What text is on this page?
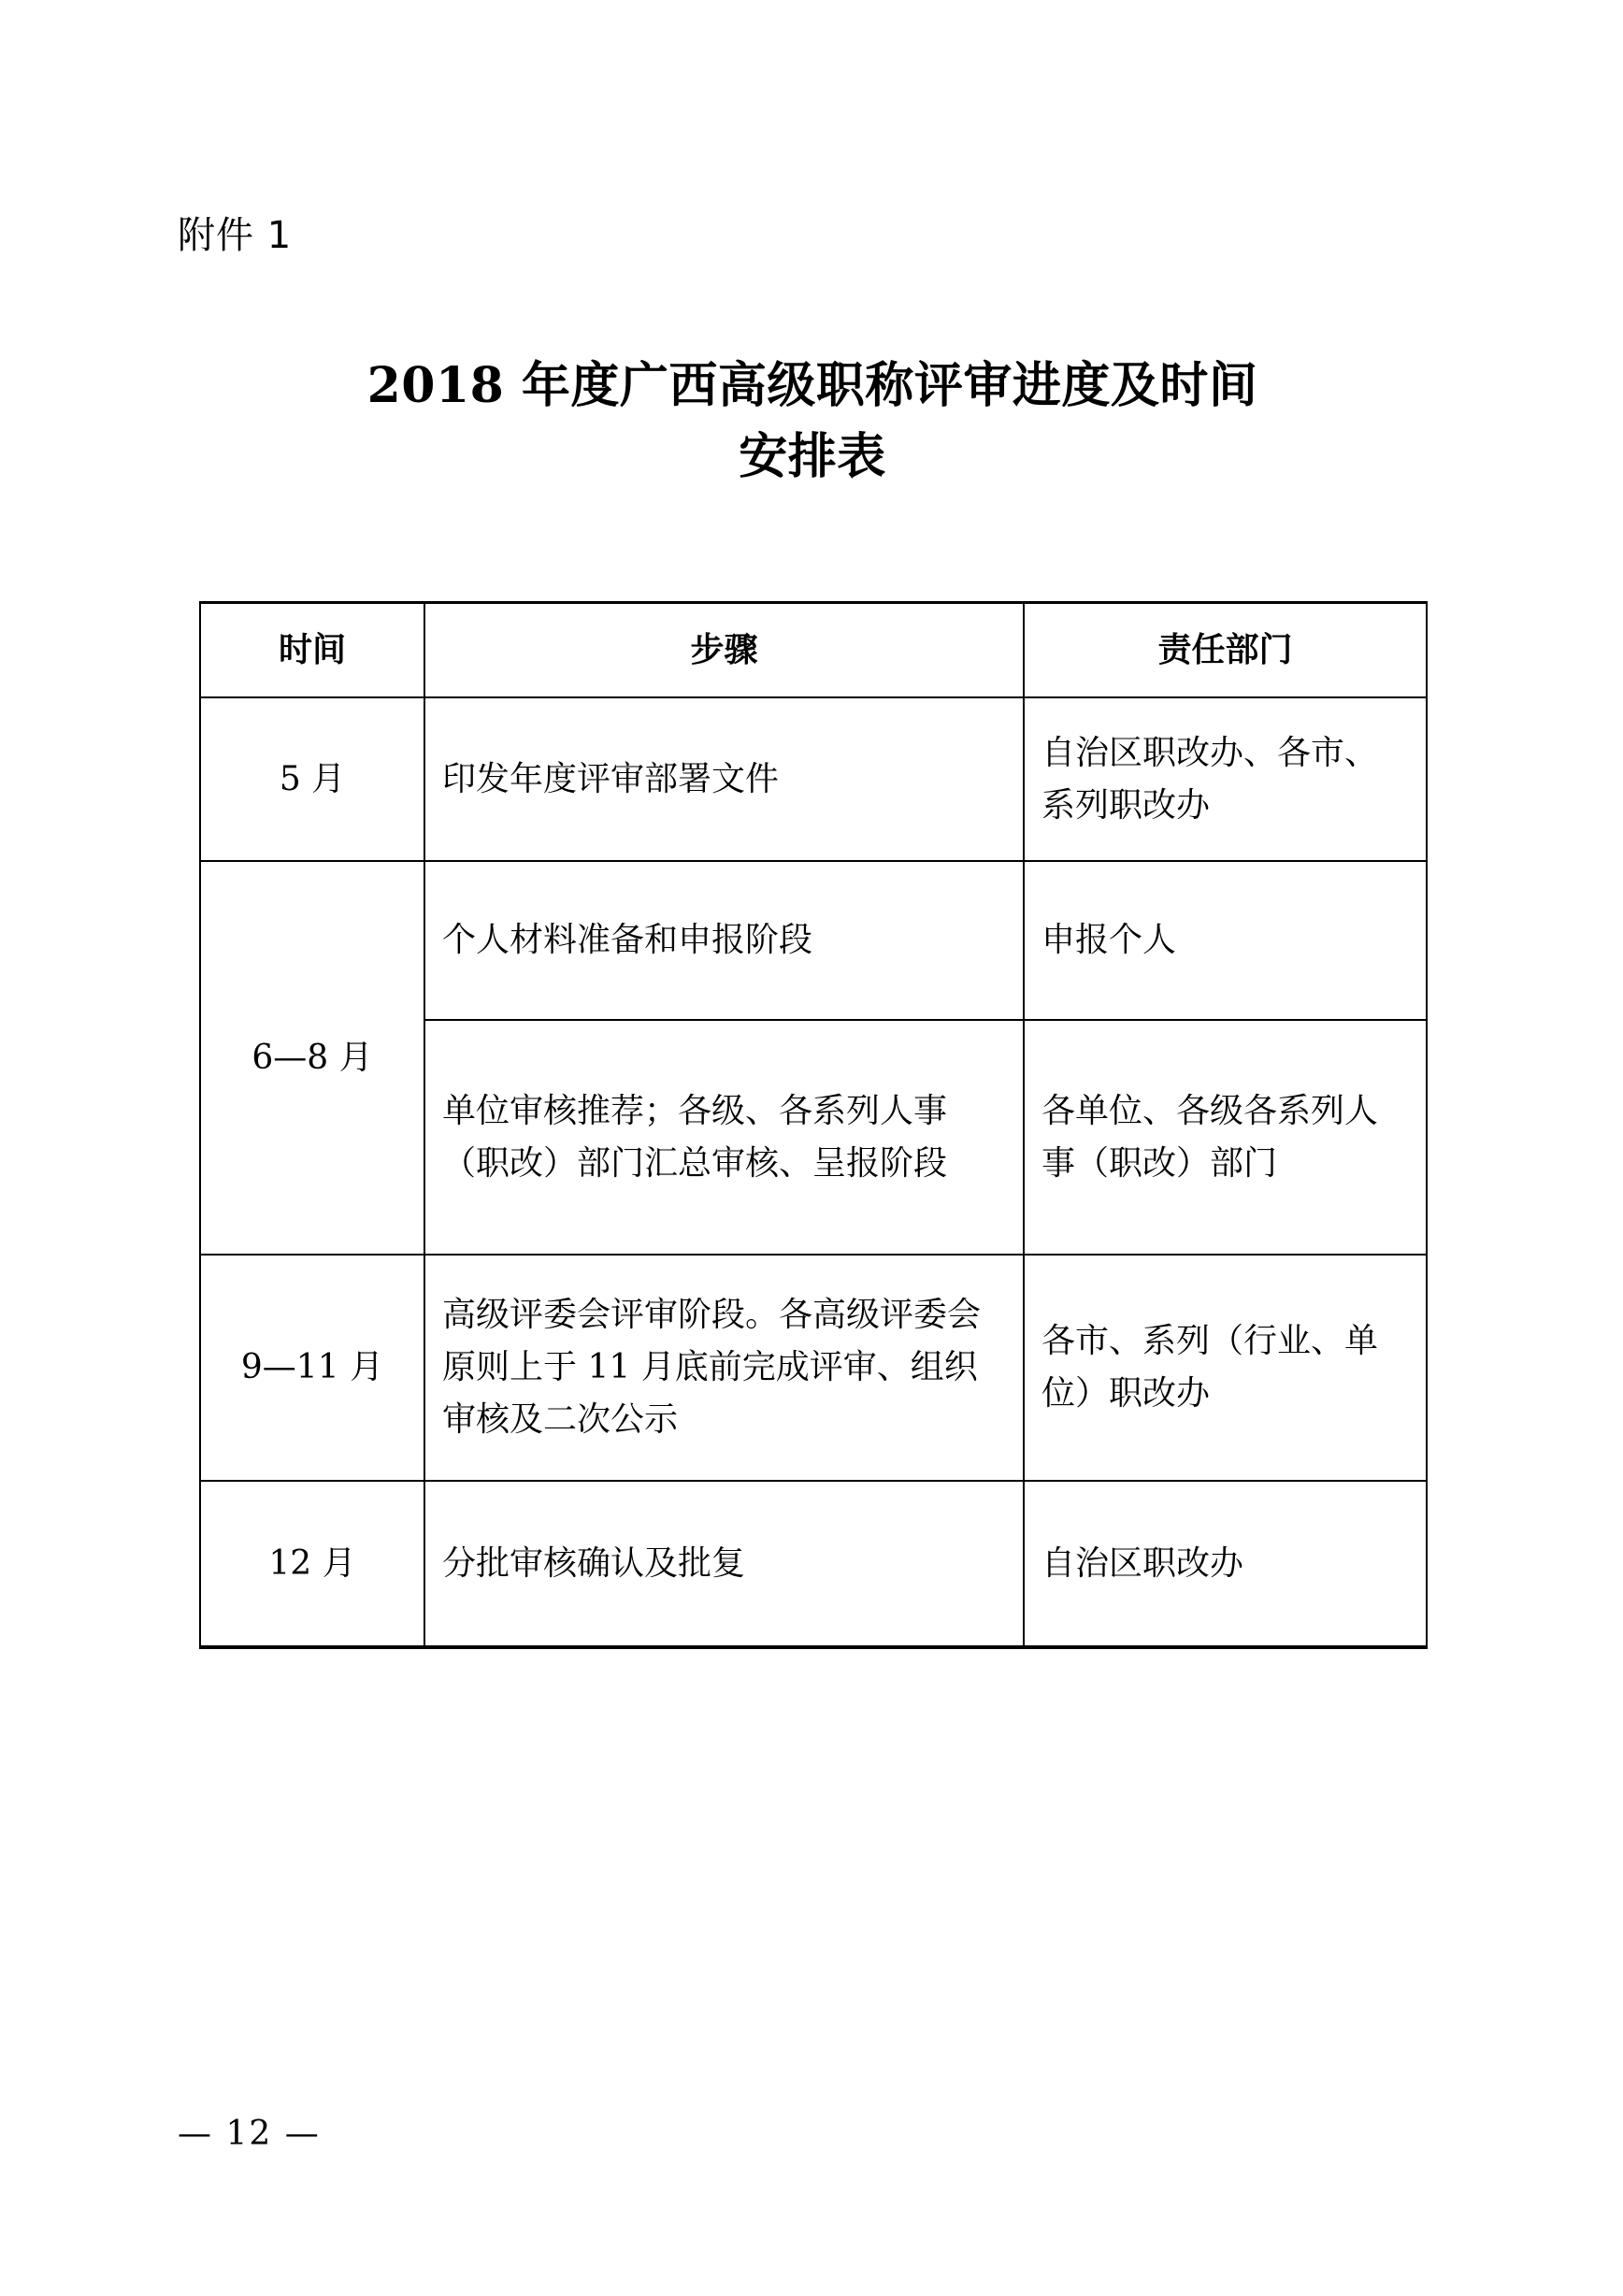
附件 1
2018 年度广西高级职称评审进度及时间
安排表
时间	步骤	责任部门
5 月	印发年度评审部署文件	自治区职改办、各市、系列职改办
6—8 月	个人材料准备和申报阶段	申报个人
	单位审核推荐；各级、各系列人事（职改）部门汇总审核、呈报阶段	各单位、各级各系列人事（职改）部门
9—11 月	高级评委会评审阶段。各高级评委会原则上于 11 月底前完成评审、组织审核及二次公示	各市、系列（行业、单位）职改办
12 月	分批审核确认及批复	自治区职改办
— 12 —
